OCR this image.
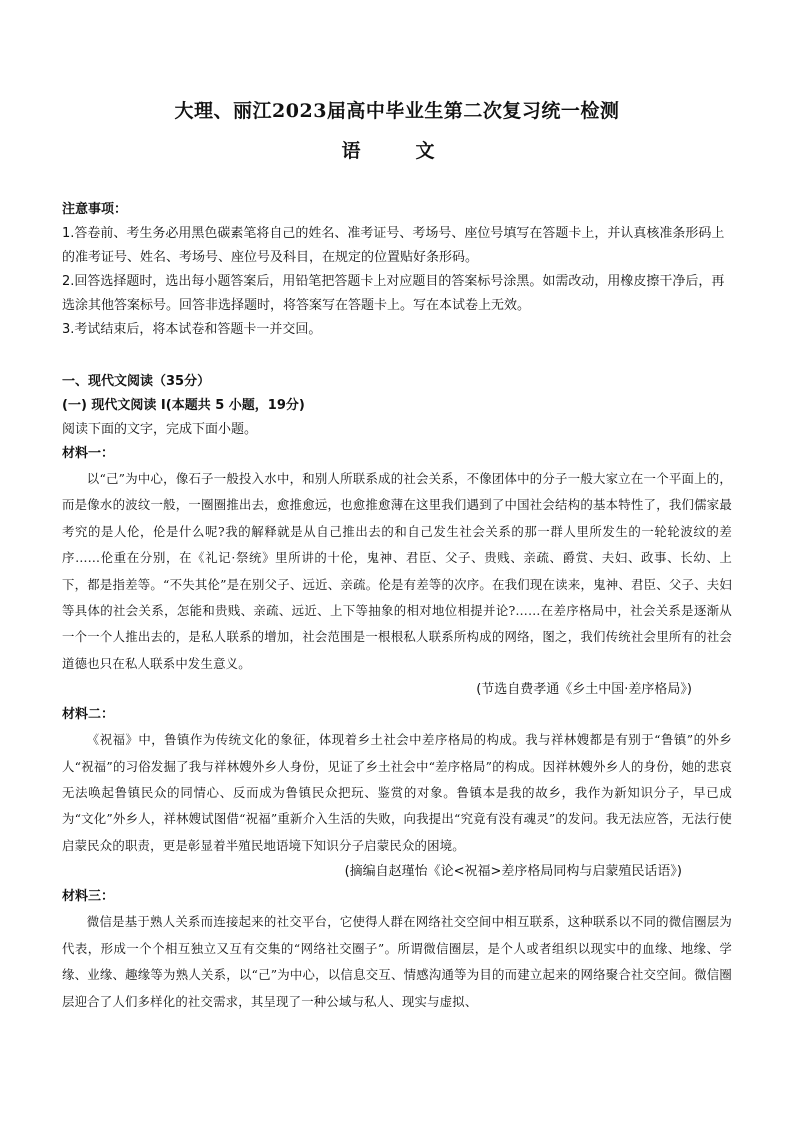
大理、丽江2023届高中毕业生第二次复习统一检测
语　文

注意事项：

1.答卷前、考生务必用黑色碳素笔将自己的姓名、准考证号、考场号、座位号填写在答题卡上，并认真核准条形码上的准考证号、姓名、考场号、座位号及科目，在规定的位置贴好条形码。

2.回答选择题时，选出每小题答案后，用铅笔把答题卡上对应题目的答案标号涂黑。如需改动，用橡皮擦干净后，再选涂其他答案标号。回答非选择题时，将答案写在答题卡上。写在本试卷上无效。

3.考试结束后，将本试卷和答题卡一并交回。

一、现代文阅读（35分）
(一) 现代文阅读 I(本题共 5 小题，19分)
阅读下面的文字，完成下面小题。
材料一：

以“己”为中心，像石子一般投入水中，和别人所联系成的社会关系，不像团体中的分子一般大家立在一个平面上的，而是像水的波纹一般，一圈圈推出去，愈推愈远，也愈推愈薄在这里我们遇到了中国社会结构的基本特性了，我们儒家最考究的是人伦，伦是什么呢?我的解释就是从自己推出去的和自己发生社会关系的那一群人里所发生的一轮轮波纹的差序……伦重在分别，在《礼记·祭统》里所讲的十伦，鬼神、君臣、父子、贵贱、亲疏、爵赏、夫妇、政事、长幼、上下，都是指差等。“不失其伦”是在别父子、远近、亲疏。伦是有差等的次序。在我们现在读来，鬼神、君臣、父子、夫妇等具体的社会关系，怎能和贵贱、亲疏、远近、上下等抽象的相对地位相提并论?……在差序格局中，社会关系是逐渐从一个一个人推出去的，是私人联系的增加，社会范围是一根根私人联系所构成的网络，图之，我们传统社会里所有的社会道德也只在私人联系中发生意义。

(节选自费孝通《乡土中国·差序格局》)
材料二：

《祝福》中，鲁镇作为传统文化的象征，体现着乡土社会中差序格局的构成。我与祥林嫂都是有别于“鲁镇”的外乡人“祝福”的习俗发掘了我与祥林嫂外乡人身份，见证了乡土社会中“差序格局”的构成。因祥林嫂外乡人的身份，她的悲哀无法唤起鲁镇民众的同情心、反而成为鲁镇民众把玩、鉴赏的对象。鲁镇本是我的故乡，我作为新知识分子，早已成为“文化”外乡人，祥林嫂试图借“祝福”重新介入生活的失败，向我提出“究竟有没有魂灵”的发问。我无法应答，无法行使启蒙民众的职责，更是彰显着半殖民地语境下知识分子启蒙民众的困境。

(摘编自赵瑾怡《论<祝福>差序格局同构与启蒙殖民话语》)
材料三：

微信是基于熟人关系而连接起来的社交平台，它使得人群在网络社交空间中相互联系，这种联系以不同的微信圈层为代表，形成一个个相互独立又互有交集的“网络社交圈子”。所谓微信圈层，是个人或者组织以现实中的血缘、地缘、学缘、业缘、趣缘等为熟人关系，以“己”为中心，以信息交互、情感沟通等为目的而建立起来的网络聚合社交空间。微信圈层迎合了人们多样化的社交需求，其呈现了一种公域与私人、现实与虚拟、
